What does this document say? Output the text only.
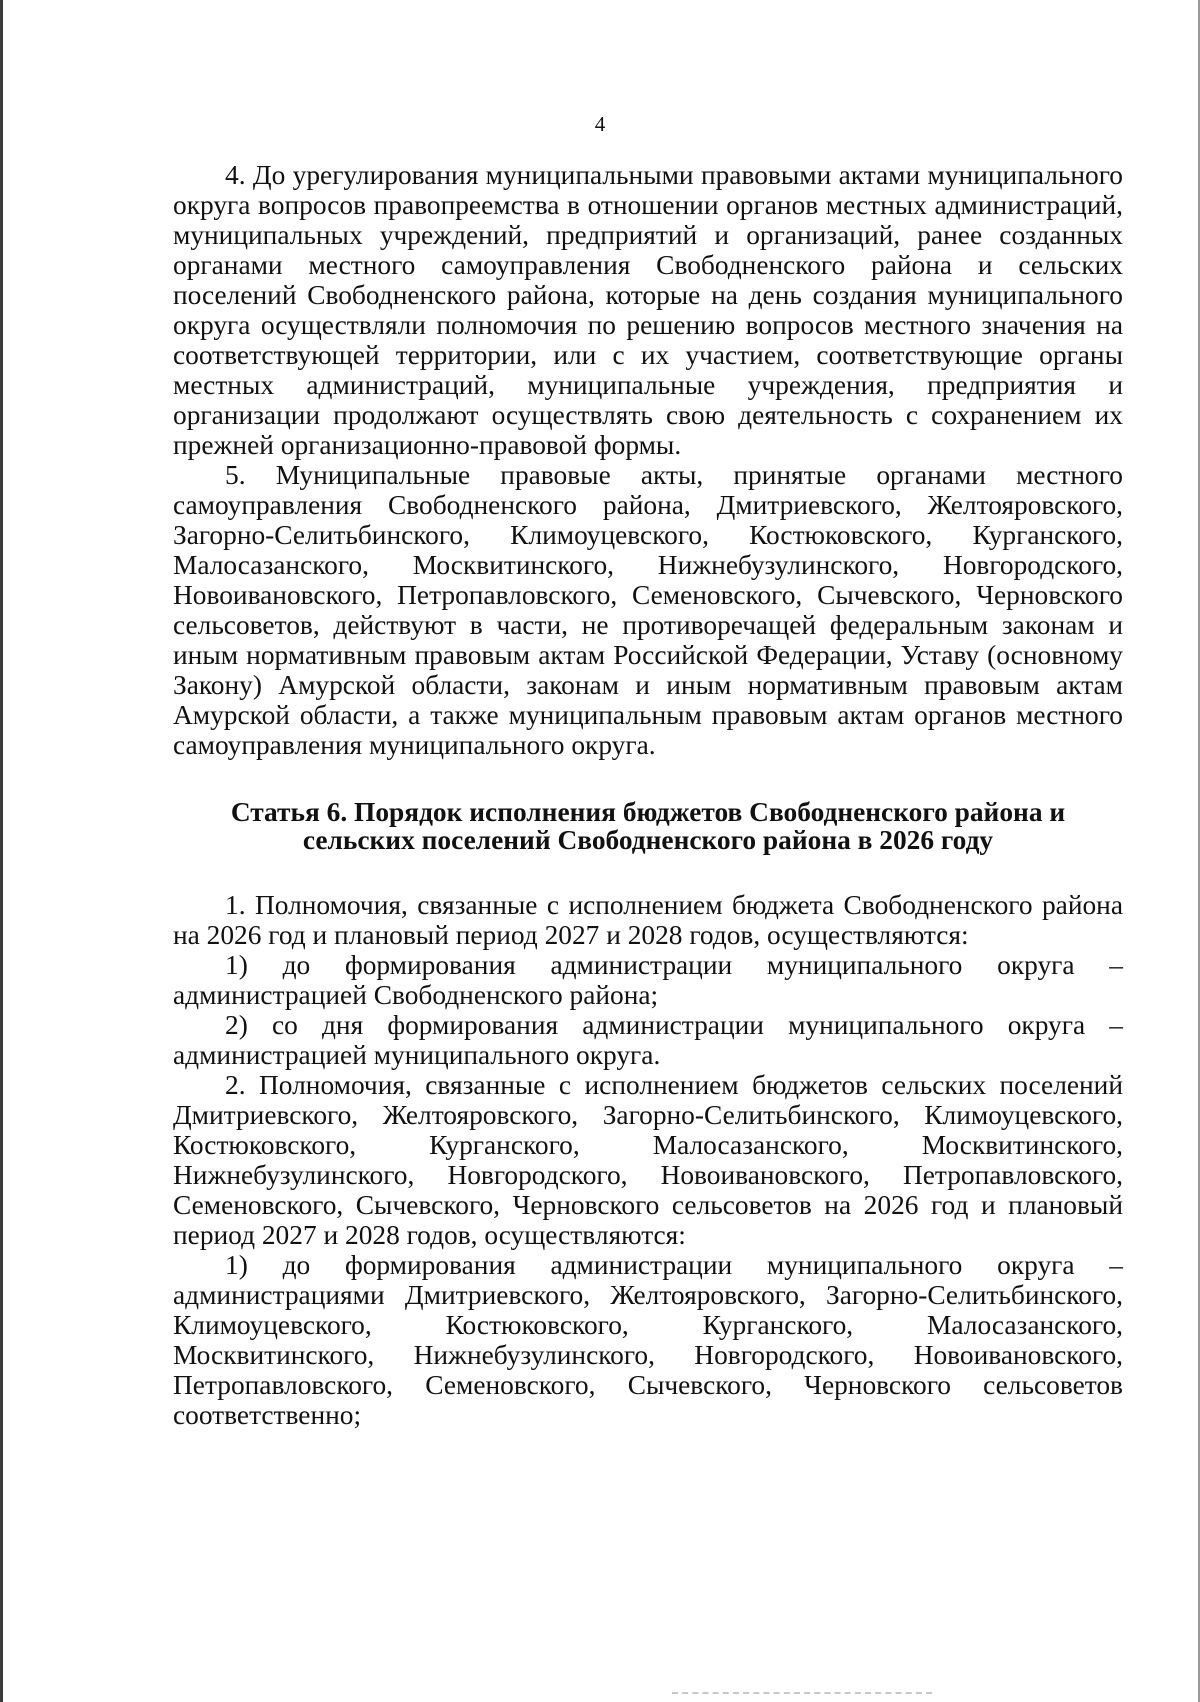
4

4. До урегулирования муниципальными правовыми актами муниципального округа вопросов правопреемства в отношении органов местных администраций, муниципальных учреждений, предприятий и организаций, ранее созданных органами местного самоуправления Свободненского района и сельских поселений Свободненского района, которые на день создания муниципального округа осуществляли полномочия по решению вопросов местного значения на соответствующей территории, или с их участием, соответствующие органы местных администраций, муниципальные учреждения, предприятия и организации продолжают осуществлять свою деятельность с сохранением их прежней организационно-правовой формы.

5. Муниципальные правовые акты, принятые органами местного самоуправления Свободненского района, Дмитриевского, Желтояровского, Загорно-Селитьбинского, Климоуцевского, Костюковского, Курганского, Малосазанского, Москвитинского, Нижнебузулинского, Новгородского, Новоивановского, Петропавловского, Семеновского, Сычевского, Черновского сельсоветов, действуют в части, не противоречащей федеральным законам и иным нормативным правовым актам Российской Федерации, Уставу (основному Закону) Амурской области, законам и иным нормативным правовым актам Амурской области, а также муниципальным правовым актам органов местного самоуправления муниципального округа.

Статья 6. Порядок исполнения бюджетов Свободненского района и сельских поселений Свободненского района в 2026 году

1. Полномочия, связанные с исполнением бюджета Свободненского района на 2026 год и плановый период 2027 и 2028 годов, осуществляются:

1) до формирования администрации муниципального округа – администрацией Свободненского района;

2) со дня формирования администрации муниципального округа – администрацией муниципального округа.

2. Полномочия, связанные с исполнением бюджетов сельских поселений Дмитриевского, Желтояровского, Загорно-Селитьбинского, Климоуцевского, Костюковского, Курганского, Малосазанского, Москвитинского, Нижнебузулинского, Новгородского, Новоивановского, Петропавловского, Семеновского, Сычевского, Черновского сельсоветов на 2026 год и плановый период 2027 и 2028 годов, осуществляются:

1) до формирования администрации муниципального округа – администрациями Дмитриевского, Желтояровского, Загорно-Селитьбинского, Климоуцевского, Костюковского, Курганского, Малосазанского, Москвитинского, Нижнебузулинского, Новгородского, Новоивановского, Петропавловского, Семеновского, Сычевского, Черновского сельсоветов соответственно;
